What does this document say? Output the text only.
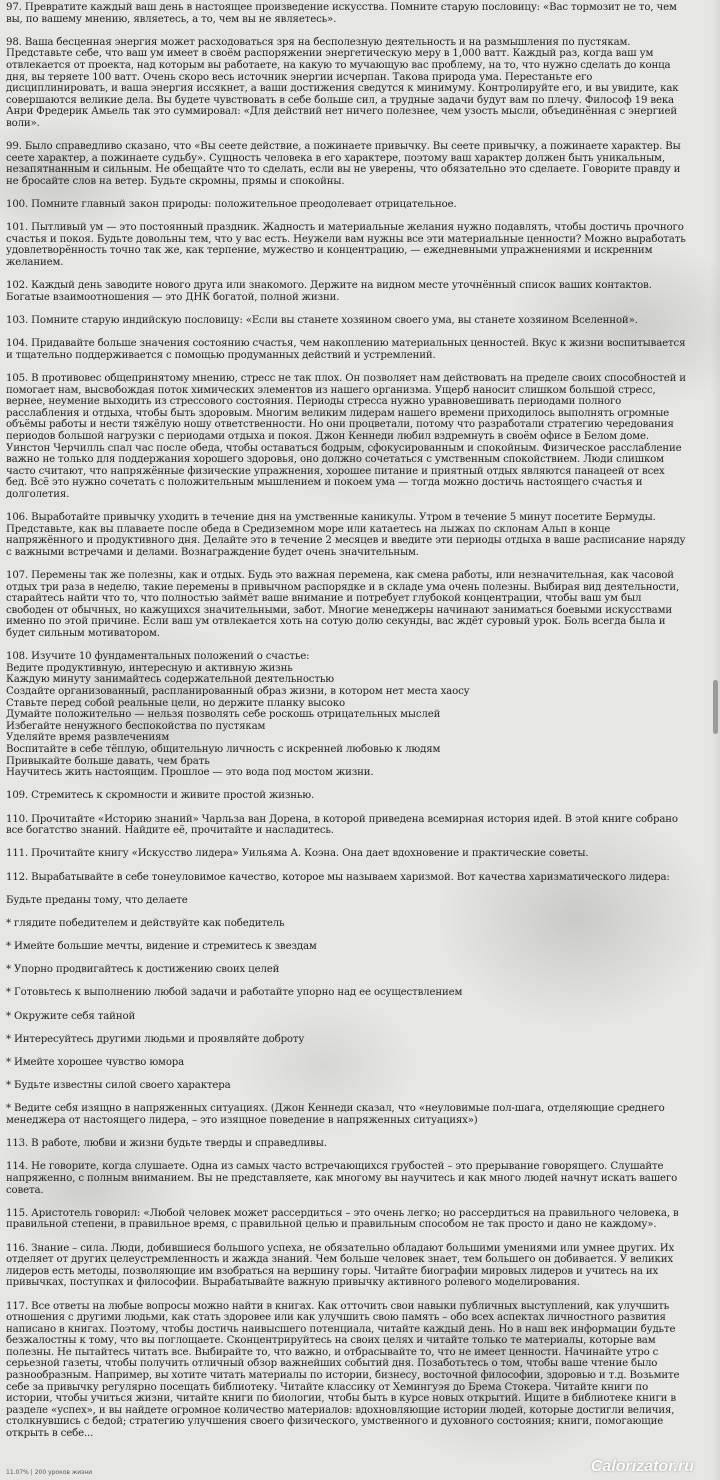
97. Превратите каждый ваш день в настоящее произведение искусства. Помните старую пословицу: «Вас тормозит не то, чем вы, по вашему мнению, являетесь, а то, чем вы не являетесь».

98. Ваша бесценная энергия может расходоваться зря на бесполезную деятельность и на размышления по пустякам. Представьте себе, что ваш ум имеет в своём распоряжении энергетическую меру в 1,000 ватт. Каждый раз, когда ваш ум отвлекается от проекта, над которым вы работаете, на какую то мучающую вас проблему, на то, что нужно сделать до конца дня, вы теряете 100 ватт. Очень скоро весь источник энергии исчерпан. Такова природа ума. Перестаньте его дисциплинировать, и ваша энергия иссякнет, а ваши достижения сведутся к минимуму. Контролируйте его, и вы увидите, как совершаются великие дела. Вы будете чувствовать в себе больше сил, а трудные задачи будут вам по плечу. Философ 19 века Анри Фредерик Амьель так это суммировал: «Для действий нет ничего полезнее, чем узость мысли, объединённая с энергией воли».

99. Было справедливо сказано, что «Вы сеете действие, а пожинаете привычку. Вы сеете привычку, а пожинаете характер. Вы сеете характер, а пожинаете судьбу». Сущность человека в его характере, поэтому ваш характер должен быть уникальным, незапятнанным и сильным. Не обещайте что то сделать, если вы не уверены, что обязательно это сделаете. Говорите правду и не бросайте слов на ветер. Будьте скромны, прямы и спокойны.

100. Помните главный закон природы: положительное преодолевает отрицательное.

101. Пытливый ум — это постоянный праздник. Жадность и материальные желания нужно подавлять, чтобы достичь прочного счастья и покоя. Будьте довольны тем, что у вас есть. Неужели вам нужны все эти материальные ценности? Можно выработать удовлетворённость точно так же, как терпение, мужество и концентрацию, — ежедневными упражнениями и искренним желанием.

102. Каждый день заводите нового друга или знакомого. Держите на видном месте уточнённый список ваших контактов. Богатые взаимоотношения — это ДНК богатой, полной жизни.

103. Помните старую индийскую пословицу: «Если вы станете хозяином своего ума, вы станете хозяином Вселенной».

104. Придавайте больше значения состоянию счастья, чем накоплению материальных ценностей. Вкус к жизни воспитывается и тщательно поддерживается с помощью продуманных действий и устремлений.

105. В противовес общепринятому мнению, стресс не так плох. Он позволяет нам действовать на пределе своих способностей и помогает нам, высвобождая поток химических элементов из нашего организма. Ущерб наносит слишком большой стресс, вернее, неумение выходить из стрессового состояния. Периоды стресса нужно уравновешивать периодами полного расслабления и отдыха, чтобы быть здоровым. Многим великим лидерам нашего времени приходилось выполнять огромные объёмы работы и нести тяжёлую ношу ответственности. Но они процветали, потому что разработали стратегию чередования периодов большой нагрузки с периодами отдыха и покоя. Джон Кеннеди любил вздремнуть в своём офисе в Белом доме. Уинстон Черчилль спал час после обеда, чтобы оставаться бодрым, сфокусированным и спокойным. Физическое расслабление важно не только для поддержания хорошего здоровья, оно должно сочетаться с умственным спокойствием. Люди слишком часто считают, что напряжённые физические упражнения, хорошее питание и приятный отдых являются панацеей от всех бед. Всё это нужно сочетать с положительным мышлением и покоем ума — тогда можно достичь настоящего счастья и долголетия.

106. Выработайте привычку уходить в течение дня на умственные каникулы. Утром в течение 5 минут посетите Бермуды. Представьте, как вы плаваете после обеда в Средиземном море или катаетесь на лыжах по склонам Альп в конце напряжённого и продуктивного дня. Делайте это в течение 2 месяцев и введите эти периоды отдыха в ваше расписание наряду с важными встречами и делами. Вознаграждение будет очень значительным.

107. Перемены так же полезны, как и отдых. Будь это важная перемена, как смена работы, или незначительная, как часовой отдых три раза в неделю, такие перемены в привычном распорядке и в складе ума очень полезны. Выбирая вид деятельности, старайтесь найти что то, что полностью займёт ваше внимание и потребует глубокой концентрации, чтобы ваш ум был свободен от обычных, но кажущихся значительными, забот. Многие менеджеры начинают заниматься боевыми искусствами именно по этой причине. Если ваш ум отвлекается хоть на сотую долю секунды, вас ждёт суровый урок. Боль всегда была и будет сильным мотиватором.

108. Изучите 10 фундаментальных положений о счастье:
Ведите продуктивную, интересную и активную жизнь
Каждую минуту занимайтесь содержательной деятельностью
Создайте организованный, распланированный образ жизни, в котором нет места хаосу
Ставьте перед собой реальные цели, но держите планку высоко
Думайте положительно — нельзя позволять себе роскошь отрицательных мыслей
Избегайте ненужного беспокойства по пустякам
Уделяйте время развлечениям
Воспитайте в себе тёплую, общительную личность с искренней любовью к людям
Привыкайте больше давать, чем брать
Научитесь жить настоящим. Прошлое — это вода под мостом жизни.

109. Стремитесь к скромности и живите простой жизнью.

110. Прочитайте «Историю знаний» Чарльза ван Дорена, в которой приведена всемирная история идей. В этой книге собрано все богатство знаний. Найдите её, прочитайте и насладитесь.

111. Прочитайте книгу «Искусство лидера» Уильяма А. Коэна. Она дает вдохновение и практические советы.

112. Вырабатывайте в себе тонеуловимое качество, которое мы называем харизмой. Вот качества харизматического лидера:

Будьте преданы тому, что делаете

* глядите победителем и действуйте как победитель

* Имейте большие мечты, видение и стремитесь к звездам

* Упорно продвигайтесь к достижению своих целей

* Готовьтесь к выполнению любой задачи и работайте упорно над ее осуществлением

* Окружите себя тайной

* Интересуйтесь другими людьми и проявляйте доброту

* Имейте хорошее чувство юмора

* Будьте известны силой своего характера

* Ведите себя изящно в напряженных ситуациях. (Джон Кеннеди сказал, что «неуловимые пол-шага, отделяющие среднего менеджера от настоящего лидера, – это изящное поведение в напряженных ситуациях»)

113. В работе, любви и жизни будьте тверды и справедливы.

114. Не говорите, когда слушаете. Одна из самых часто встречающихся грубостей – это прерывание говорящего. Слушайте напряженно, с полным вниманием. Вы не представляете, как многому вы научитесь и как много людей начнут искать вашего совета.

115. Аристотель говорил: «Любой человек может рассердиться – это очень легко; но рассердиться на правильного человека, в правильной степени, в правильное время, с правильной целью и правильным способом не так просто и дано не каждому».

116. Знание – сила. Люди, добившиеся большого успеха, не обязательно обладают большими умениями или умнее других. Их отделяет от других целеустремленность и жажда знаний. Чем больше человек знает, тем большего он добивается. У великих лидеров есть методы, позволяющие им взобраться на вершину горы. Читайте биографии мировых лидеров и учитесь на их привычках, поступках и философии. Вырабатывайте важную привычку активного ролевого моделирования.

117. Все ответы на любые вопросы можно найти в книгах. Как отточить свои навыки публичных выступлений, как улучшить отношения с другими людьми, как стать здоровее или как улучшить свою память – обо всех аспектах личностного развития написано в книгах. Поэтому, чтобы достичь наивысшего потенциала, читайте каждый день. Но в наш век информации будьте безжалостны к тому, что вы поглощаете. Сконцентрируйтесь на своих целях и читайте только те материалы, которые вам полезны. Не пытайтесь читать все. Выбирайте то, что важно, и отбрасывайте то, что не имеет ценности. Начинайте утро с серьезной газеты, чтобы получить отличный обзор важнейших событий дня. Позаботьтесь о том, чтобы ваше чтение было разнообразным. Например, вы хотите читать материалы по истории, бизнесу, восточной философии, здоровью и т.д. Возьмите себе за привычку регулярно посещать библиотеку. Читайте классику от Хемингуэя до Брема Стокера. Читайте книги по истории, чтобы учиться жизни, читайте книги по биологии, чтобы быть в курсе новых открытий. Ищите в библиотеке книги в разделе «успех», и вы найдете огромное количество материалов: вдохновляющие истории людей, которые достигли величия, столкнувшись с бедой; стратегию улучшения своего физического, умственного и духовного состояния; книги, помогающие открыть в себе...

11.07% | 200 уроков жизни	Calorizator.ru
